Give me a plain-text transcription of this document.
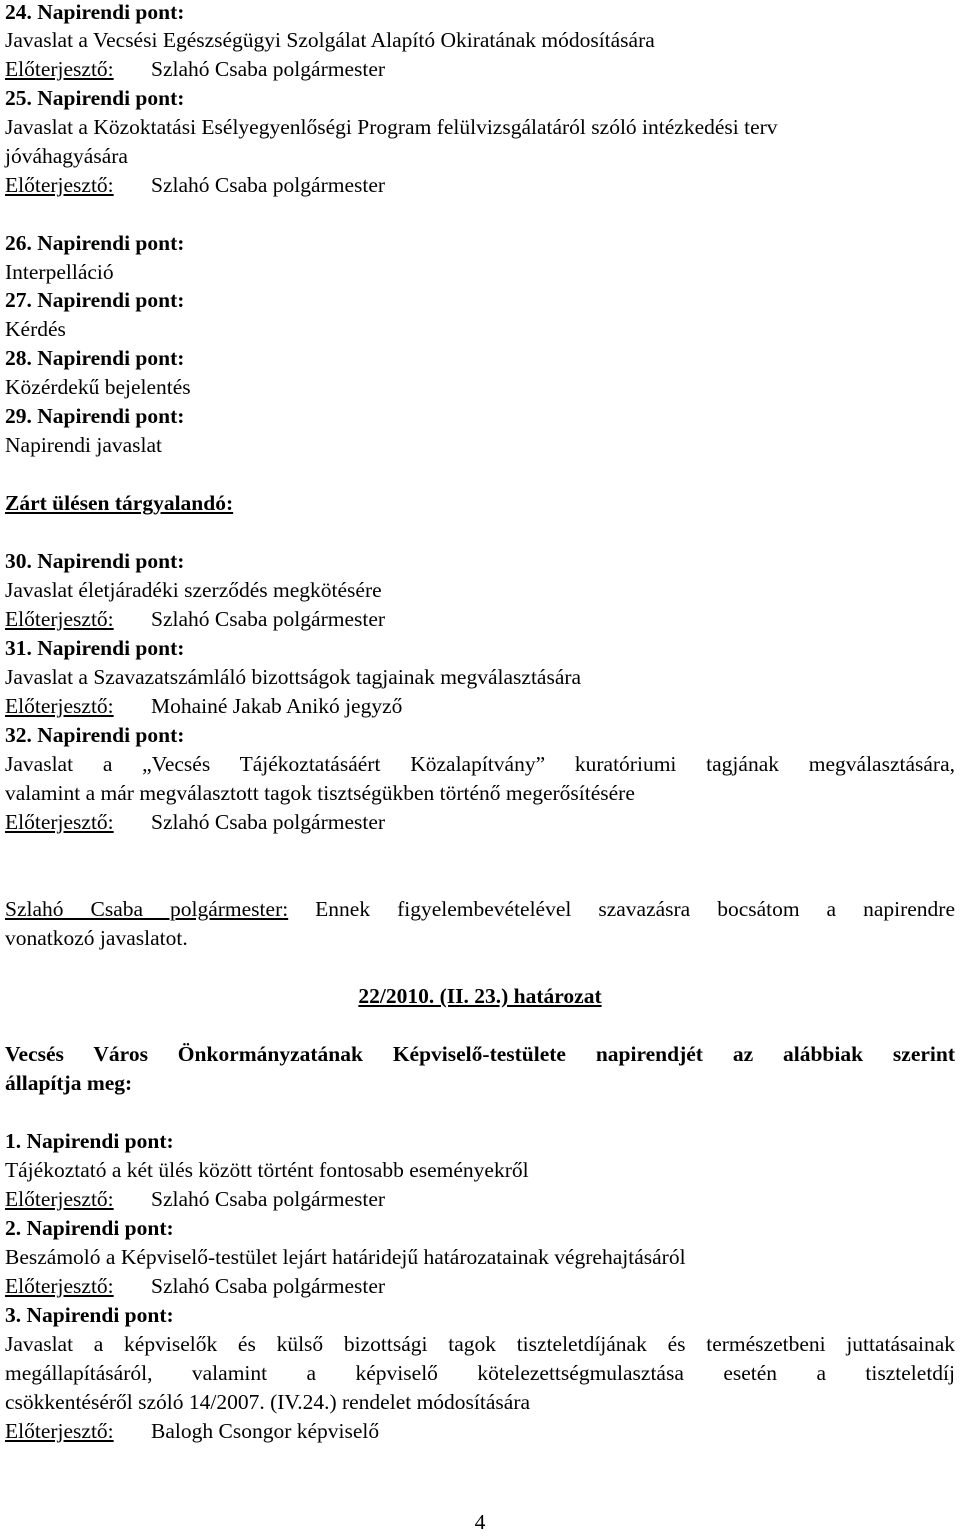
24. Napirendi pont:
Javaslat a Vecsési Egészségügyi Szolgálat Alapító Okiratának módosítására
Előterjesztő: Szlahó Csaba polgármester
25. Napirendi pont:
Javaslat a Közoktatási Esélyegyenlőségi Program felülvizsgálatáról szóló intézkedési terv
jóváhagyására
Előterjesztő: Szlahó Csaba polgármester
26. Napirendi pont:
Interpelláció
27. Napirendi pont:
Kérdés
28. Napirendi pont:
Közérdekű bejelentés
29. Napirendi pont:
Napirendi javaslat
Zárt ülésen tárgyalandó:
30. Napirendi pont:
Javaslat életjáradéki szerződés megkötésére
Előterjesztő: Szlahó Csaba polgármester
31. Napirendi pont:
Javaslat a Szavazatszámláló bizottságok tagjainak megválasztására
Előterjesztő: Mohainé Jakab Anikó jegyző
32. Napirendi pont:
Javaslat a „Vecsés Tájékoztatásáért Közalapítvány” kuratóriumi tagjának megválasztására,
valamint a már megválasztott tagok tisztségükben történő megerősítésére
Előterjesztő: Szlahó Csaba polgármester
Szlahó Csaba polgármester: Ennek figyelembevételével szavazásra bocsátom a napirendre
vonatkozó javaslatot.
22/2010. (II. 23.) határozat
Vecsés Város Önkormányzatának Képviselő-testülete napirendjét az alábbiak szerint
állapítja meg:
1. Napirendi pont:
Tájékoztató a két ülés között történt fontosabb eseményekről
Előterjesztő: Szlahó Csaba polgármester
2. Napirendi pont:
Beszámoló a Képviselő-testület lejárt határidejű határozatainak végrehajtásáról
Előterjesztő: Szlahó Csaba polgármester
3. Napirendi pont:
Javaslat a képviselők és külső bizottsági tagok tiszteletdíjának és természetbeni juttatásainak
megállapításáról, valamint a képviselő kötelezettségmulasztása esetén a tiszteletdíj
csökkentéséről szóló 14/2007. (IV.24.) rendelet módosítására
Előterjesztő: Balogh Csongor képviselő
4
